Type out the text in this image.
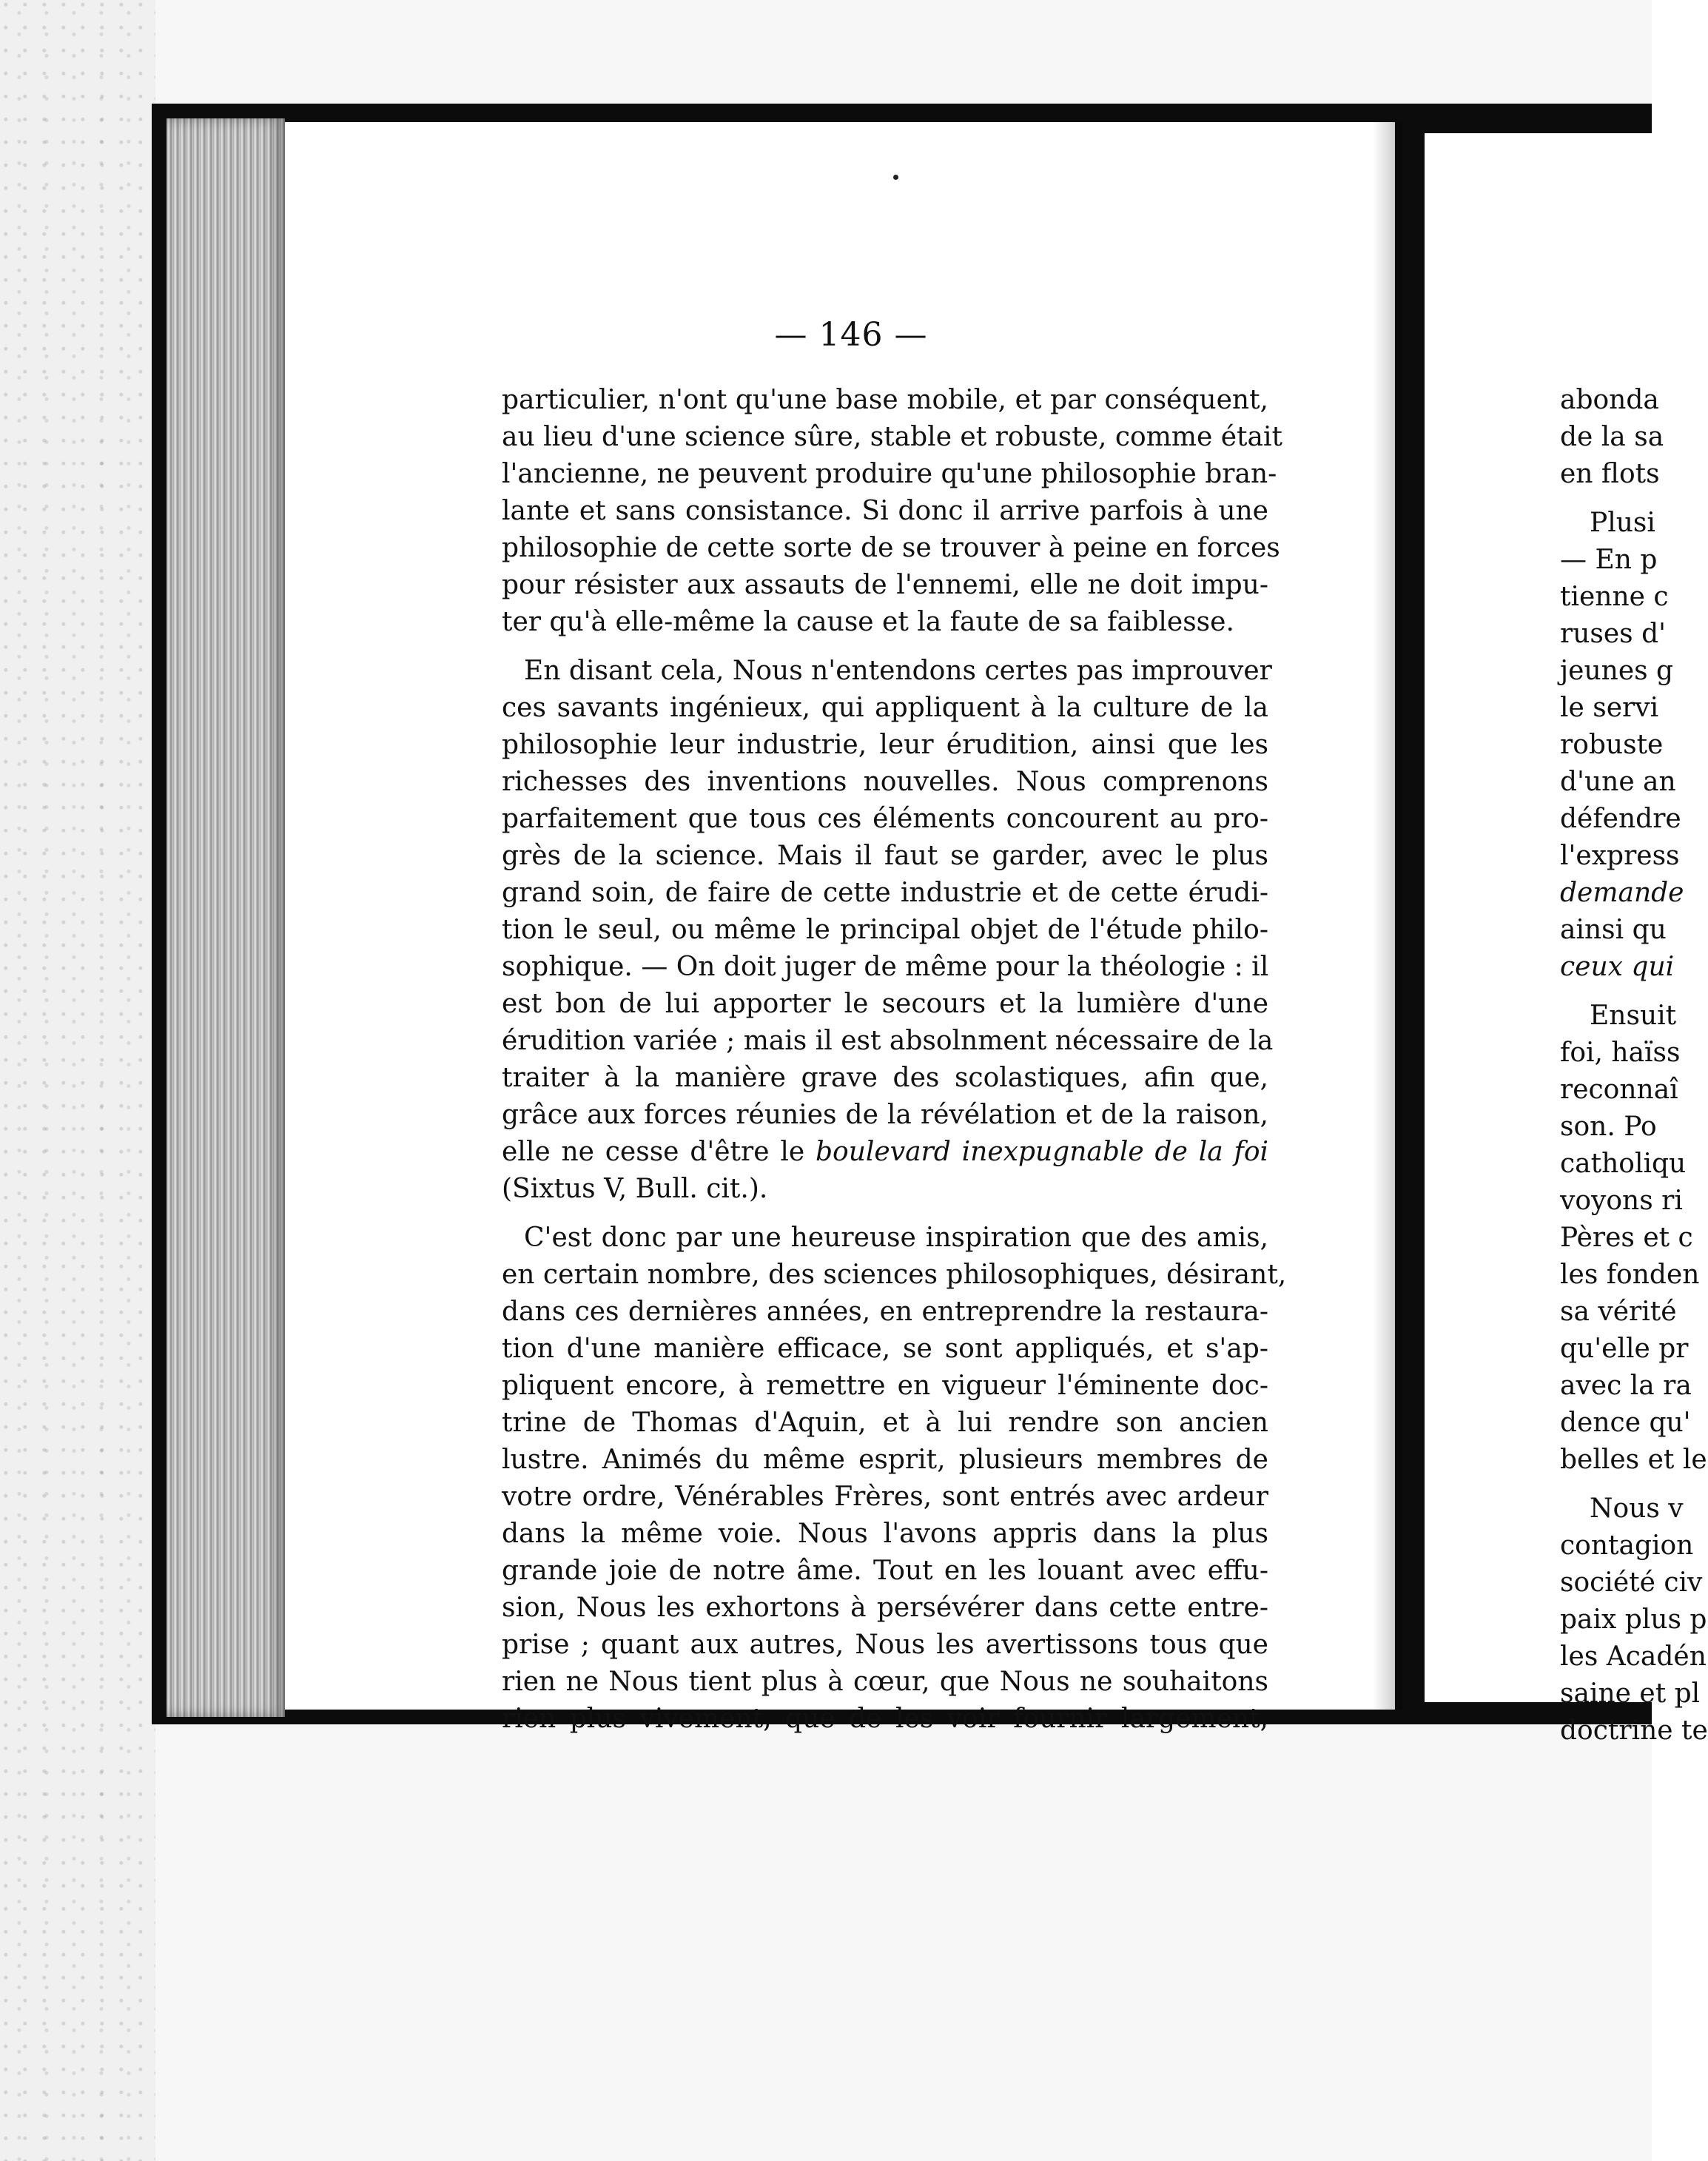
— 146 —
particulier, n'ont qu'une base mobile, et par conséquent,
au lieu d'une science sûre, stable et robuste, comme était
l'ancienne, ne peuvent produire qu'une philosophie bran-
lante et sans consistance. Si donc il arrive parfois à une
philosophie de cette sorte de se trouver à peine en forces
pour résister aux assauts de l'ennemi, elle ne doit impu-
ter qu'à elle-même la cause et la faute de sa faiblesse.
En disant cela, Nous n'entendons certes pas improuver
ces savants ingénieux, qui appliquent à la culture de la
philosophie leur industrie, leur érudition, ainsi que les
richesses des inventions nouvelles. Nous comprenons
parfaitement que tous ces éléments concourent au pro-
grès de la science. Mais il faut se garder, avec le plus
grand soin, de faire de cette industrie et de cette érudi-
tion le seul, ou même le principal objet de l'étude philo-
sophique. — On doit juger de même pour la théologie : il
est bon de lui apporter le secours et la lumière d'une
érudition variée ; mais il est absolnment nécessaire de la
traiter à la manière grave des scolastiques, afin que,
grâce aux forces réunies de la révélation et de la raison,
elle ne cesse d'être le boulevard inexpugnable de la foi
(Sixtus V, Bull. cit.).
C'est donc par une heureuse inspiration que des amis,
en certain nombre, des sciences philosophiques, désirant,
dans ces dernières années, en entreprendre la restaura-
tion d'une manière efficace, se sont appliqués, et s'ap-
pliquent encore, à remettre en vigueur l'éminente doc-
trine de Thomas d'Aquin, et à lui rendre son ancien
lustre. Animés du même esprit, plusieurs membres de
votre ordre, Vénérables Frères, sont entrés avec ardeur
dans la même voie. Nous l'avons appris dans la plus
grande joie de notre âme. Tout en les louant avec effu-
sion, Nous les exhortons à persévérer dans cette entre-
prise ; quant aux autres, Nous les avertissons tous que
rien ne Nous tient plus à cœur, que Nous ne souhaitons
rien plus vivement, que de les voir fournir largement,
abonda
de la sa
en flots
Plusi
— En p
tienne c
ruses d'
jeunes g
le servi
robuste
d'une an
défendre
l'express
demande
ainsi qu
ceux qui
Ensuit
foi, haïss
reconnaî
son. Po
catholiqu
voyons ri
Pères et c
les fonden
sa vérité
qu'elle pr
avec la ra
dence qu'
belles et le
Nous v
contagion
société civ
paix plus p
les Acadén
saine et pl
doctrine te
